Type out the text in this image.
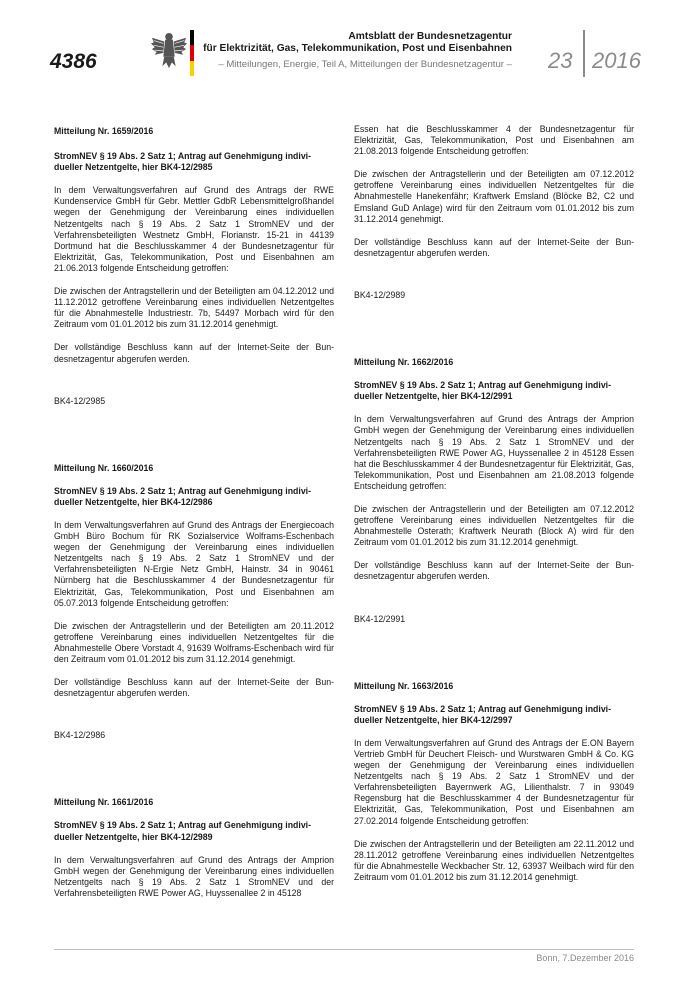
4386
Amtsblatt der Bundesnetzagentur
für Elektrizität, Gas, Telekommunikation, Post und Eisenbahnen
– Mitteilungen, Energie, Teil A, Mitteilungen der Bundesnetzagentur – 23 2016

Mitteilung Nr. 1659/2016

StromNEV § 19 Abs. 2 Satz 1; Antrag auf Genehmigung individueller Netzentgelte, hier BK4-12/2985

In dem Verwaltungsverfahren auf Grund des Antrags der RWE Kundenservice GmbH für Gebr. Mettler GdbR Lebensmittelgroßhandel wegen der Genehmigung der Vereinbarung eines individuellen Netzentgelts nach § 19 Abs. 2 Satz 1 StromNEV und der Verfahrensbeteiligten Westnetz GmbH, Florianstr. 15-21 in 44139 Dortmund hat die Beschlusskammer 4 der Bundesnetzagentur für Elektrizität, Gas, Telekommunikation, Post und Eisenbahnen am 21.06.2013 folgende Entscheidung getroffen:

Die zwischen der Antragstellerin und der Beteiligten am 04.12.2012 und 11.12.2012 getroffene Vereinbarung eines individuellen Netzentgeltes für die Abnahmestelle Industriestr. 7b, 54497 Morbach wird für den Zeitraum vom 01.01.2012 bis zum 31.12.2014 genehmigt.

Der vollständige Beschluss kann auf der Internet-Seite der Bundesnetzagentur abgerufen werden.

BK4-12/2985

Mitteilung Nr. 1660/2016

StromNEV § 19 Abs. 2 Satz 1; Antrag auf Genehmigung individueller Netzentgelte, hier BK4-12/2986

In dem Verwaltungsverfahren auf Grund des Antrags der Energiecoach GmbH Büro Bochum für RK Sozialservice Wolframs-Eschenbach wegen der Genehmigung der Vereinbarung eines individuellen Netzentgelts nach § 19 Abs. 2 Satz 1 StromNEV und der Verfahrensbeteiligten N-Ergie Netz GmbH, Hainstr. 34 in 90461 Nürnberg hat die Beschlusskammer 4 der Bundesnetzagentur für Elektrizität, Gas, Telekommunikation, Post und Eisenbahnen am 05.07.2013 folgende Entscheidung getroffen:

Die zwischen der Antragstellerin und der Beteiligten am 20.11.2012 getroffene Vereinbarung eines individuellen Netzentgeltes für die Abnahmestelle Obere Vorstadt 4, 91639 Wolframs-Eschenbach wird für den Zeitraum vom 01.01.2012 bis zum 31.12.2014 genehmigt.

Der vollständige Beschluss kann auf der Internet-Seite der Bundesnetzagentur abgerufen werden.

BK4-12/2986

Mitteilung Nr. 1661/2016

StromNEV § 19 Abs. 2 Satz 1; Antrag auf Genehmigung individueller Netzentgelte, hier BK4-12/2989

In dem Verwaltungsverfahren auf Grund des Antrags der Amprion GmbH wegen der Genehmigung der Vereinbarung eines individuellen Netzentgelts nach § 19 Abs. 2 Satz 1 StromNEV und der Verfahrensbeteiligten RWE Power AG, Huyssenallee 2 in 45128

Essen hat die Beschlusskammer 4 der Bundesnetzagentur für Elektrizität, Gas, Telekommunikation, Post und Eisenbahnen am 21.08.2013 folgende Entscheidung getroffen:

Die zwischen der Antragstellerin und der Beteiligten am 07.12.2012 getroffene Vereinbarung eines individuellen Netzentgeltes für die Abnahmestelle Hanekenfähr; Kraftwerk Emsland (Blöcke B2, C2 und Emsland GuD Anlage) wird für den Zeitraum vom 01.01.2012 bis zum 31.12.2014 genehmigt.

Der vollständige Beschluss kann auf der Internet-Seite der Bundesnetzagentur abgerufen werden.

BK4-12/2989

Mitteilung Nr. 1662/2016

StromNEV § 19 Abs. 2 Satz 1; Antrag auf Genehmigung individueller Netzentgelte, hier BK4-12/2991

In dem Verwaltungsverfahren auf Grund des Antrags der Amprion GmbH wegen der Genehmigung der Vereinbarung eines individuellen Netzentgelts nach § 19 Abs. 2 Satz 1 StromNEV und der Verfahrensbeteiligten RWE Power AG, Huyssenallee 2 in 45128 Essen hat die Beschlusskammer 4 der Bundesnetzagentur für Elektrizität, Gas, Telekommunikation, Post und Eisenbahnen am 21.08.2013 folgende Entscheidung getroffen:

Die zwischen der Antragstellerin und der Beteiligten am 07.12.2012 getroffene Vereinbarung eines individuellen Netzentgeltes für die Abnahmestelle Osterath; Kraftwerk Neurath (Block A) wird für den Zeitraum vom 01.01.2012 bis zum 31.12.2014 genehmigt.

Der vollständige Beschluss kann auf der Internet-Seite der Bundesnetzagentur abgerufen werden.

BK4-12/2991

Mitteilung Nr. 1663/2016

StromNEV § 19 Abs. 2 Satz 1; Antrag auf Genehmigung individueller Netzentgelte, hier BK4-12/2997

In dem Verwaltungsverfahren auf Grund des Antrags der E.ON Bayern Vertrieb GmbH für Deuchert Fleisch- und Wurstwaren GmbH & Co. KG wegen der Genehmigung der Vereinbarung eines individuellen Netzentgelts nach § 19 Abs. 2 Satz 1 StromNEV und der Verfahrensbeteiligten Bayernwerk AG, Lilienthalstr. 7 in 93049 Regensburg hat die Beschlusskammer 4 der Bundesnetzagentur für Elektrizität, Gas, Telekommunikation, Post und Eisenbahnen am 27.02.2014 folgende Entscheidung getroffen:

Die zwischen der Antragstellerin und der Beteiligten am 22.11.2012 und 28.11.2012 getroffene Vereinbarung eines individuellen Netzentgeltes für die Abnahmestelle Weckbacher Str. 12, 63937 Weilbach wird für den Zeitraum vom 01.01.2012 bis zum 31.12.2014 genehmigt.

Bonn, 7.Dezember 2016
